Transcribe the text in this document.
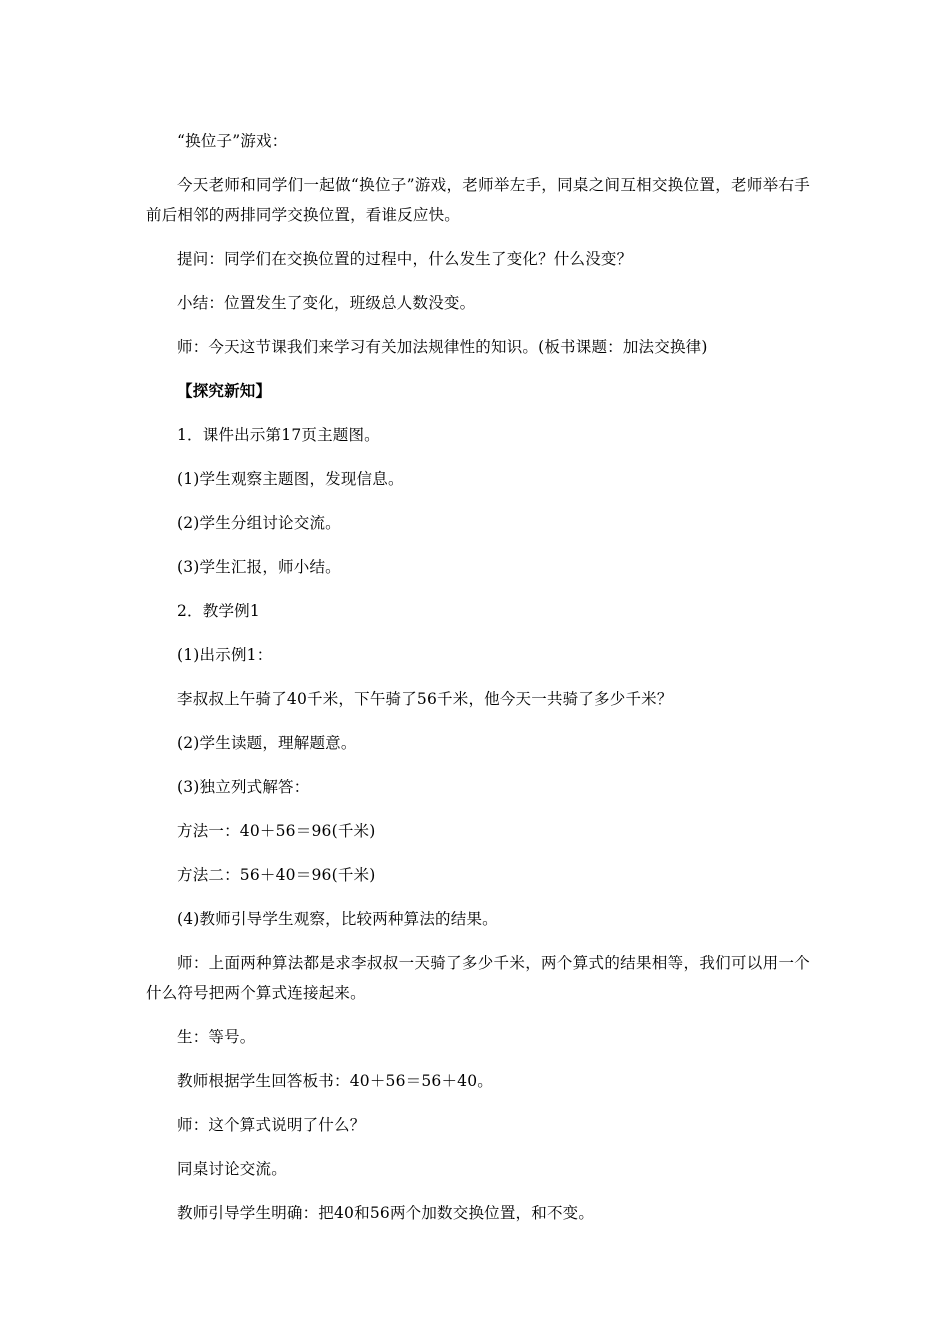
“换位子”游戏：

今天老师和同学们一起做“换位子”游戏，老师举左手，同桌之间互相交换位置，老师举右手前后相邻的两排同学交换位置，看谁反应快。

提问：同学们在交换位置的过程中，什么发生了变化？什么没变？

小结：位置发生了变化，班级总人数没变。

师：今天这节课我们来学习有关加法规律性的知识。(板书课题：加法交换律)

【探究新知】

1．课件出示第17页主题图。

(1)学生观察主题图，发现信息。

(2)学生分组讨论交流。

(3)学生汇报，师小结。

2．教学例1

(1)出示例1：

李叔叔上午骑了40千米，下午骑了56千米，他今天一共骑了多少千米？

(2)学生读题，理解题意。

(3)独立列式解答：

方法一：40＋56＝96(千米)

方法二：56＋40＝96(千米)

(4)教师引导学生观察，比较两种算法的结果。

师：上面两种算法都是求李叔叔一天骑了多少千米，两个算式的结果相等，我们可以用一个什么符号把两个算式连接起来。

生：等号。

教师根据学生回答板书：40＋56＝56＋40。

师：这个算式说明了什么？

同桌讨论交流。

教师引导学生明确：把40和56两个加数交换位置，和不变。
